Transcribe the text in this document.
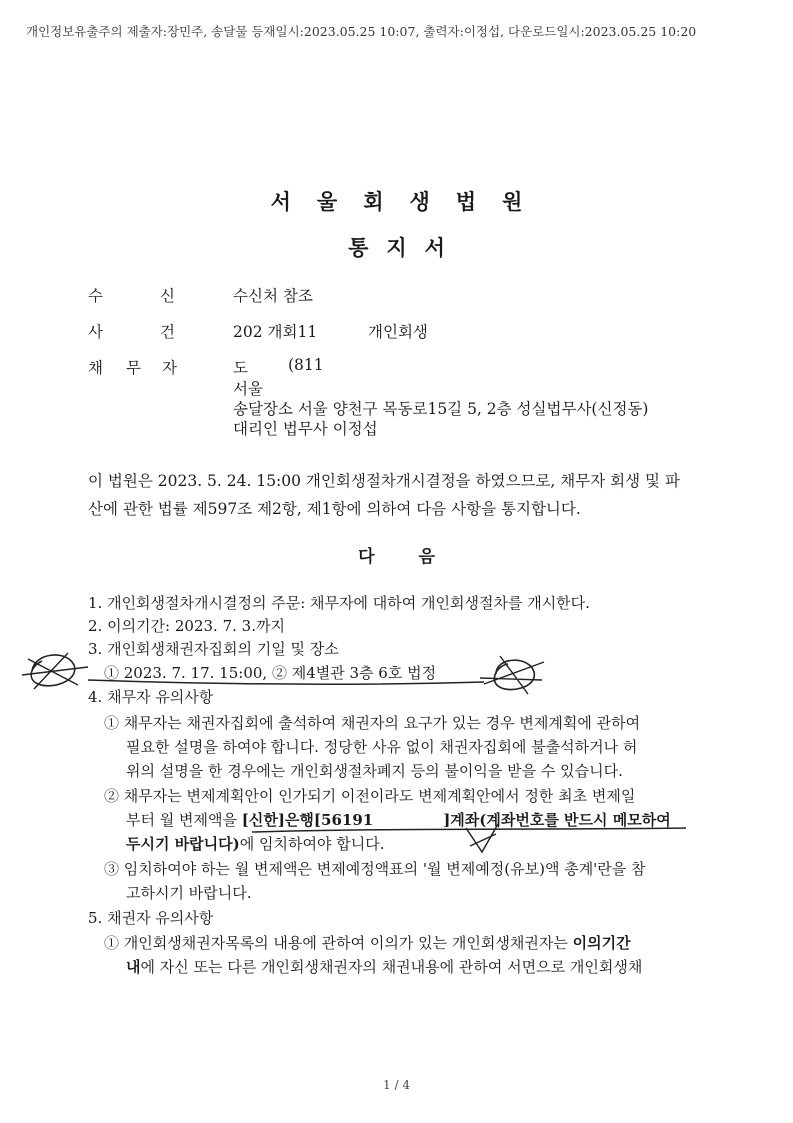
개인정보유출주의 제출자:장민주, 송달물 등재일시:2023.05.25 10:07, 출력자:이정섭, 다운로드일시:2023.05.25 10:20
서울회생법원
통지서
수	신	수신처 참조
사	건	202 개회11	개인회생
채 무 자	도	(811
서울
송달장소 서울 양천구 목동로15길 5, 2층 성실법무사(신정동)
대리인 법무사 이정섭
이 법원은 2023. 5. 24. 15:00 개인회생절차개시결정을 하였으므로, 채무자 회생 및 파
산에 관한 법률 제597조 제2항, 제1항에 의하여 다음 사항을 통지합니다.
다음
1. 개인회생절차개시결정의 주문: 채무자에 대하여 개인회생절차를 개시한다.
2. 이의기간: 2023. 7. 3.까지
3. 개인회생채권자집회의 기일 및 장소
① 2023. 7. 17. 15:00, ② 제4별관 3층 6호 법정
4. 채무자 유의사항
① 채무자는 채권자집회에 출석하여 채권자의 요구가 있는 경우 변제계획에 관하여
필요한 설명을 하여야 합니다. 정당한 사유 없이 채권자집회에 불출석하거나 허
위의 설명을 한 경우에는 개인회생절차폐지 등의 불이익을 받을 수 있습니다.
② 채무자는 변제계획안이 인가되기 이전이라도 변제계획안에서 정한 최초 변제일
부터 월 변제액을 [신한]은행[56191	]계좌(계좌번호를 반드시 메모하여
두시기 바랍니다)에 임치하여야 합니다.
③ 임치하여야 하는 월 변제액은 변제예정액표의 '월 변제예정(유보)액 총계'란을 참
고하시기 바랍니다.
5. 채권자 유의사항
① 개인회생채권자목록의 내용에 관하여 이의가 있는 개인회생채권자는 이의기간
내에 자신 또는 다른 개인회생채권자의 채권내용에 관하여 서면으로 개인회생채
1 / 4
